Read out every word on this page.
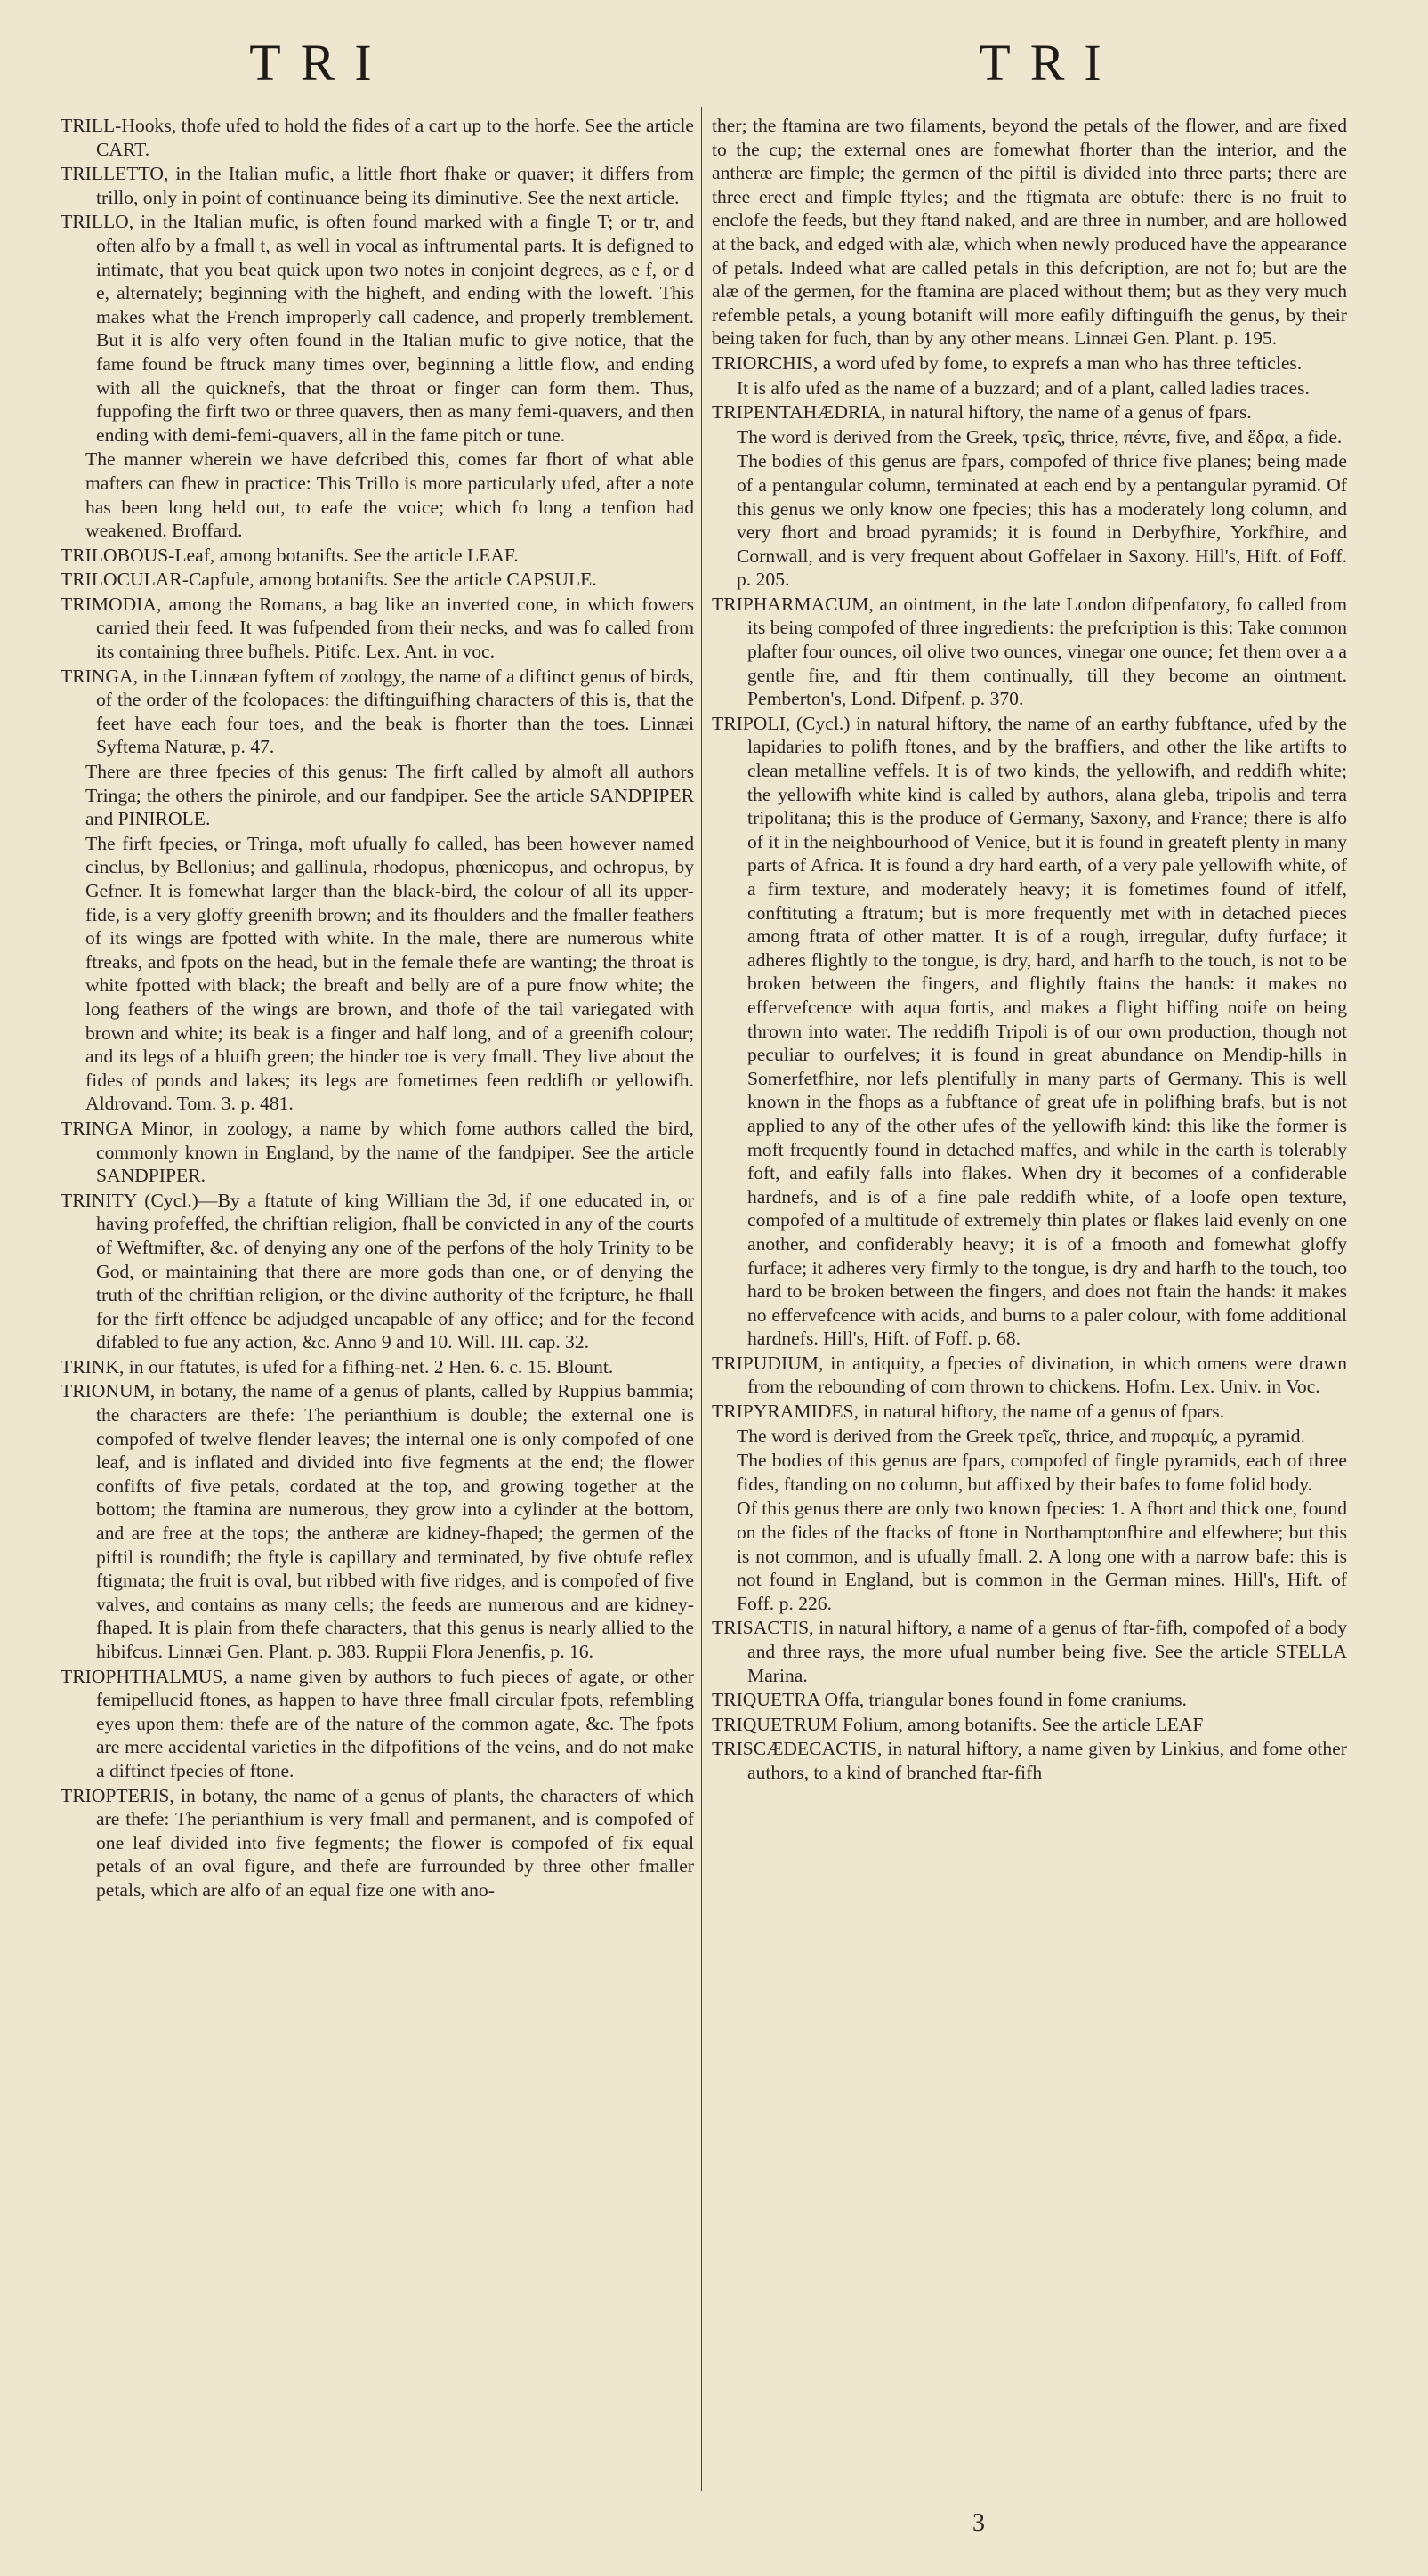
TRI	TRI

TRILL-Hooks, thofe ufed to hold the fides of a cart up to the horfe. See the article CART.

TRILLETTO, in the Italian mufic, a little fhort fhake or quaver; it differs from trillo, only in point of continuance being its diminutive. See the next article.

TRILLO, in the Italian mufic, is often found marked with a fingle T; or tr, and often alfo by a fmall t, as well in vocal as inftrumental parts. It is defigned to intimate, that you beat quick upon two notes in conjoint degrees, as e f, or d e, alternately; beginning with the higheft, and ending with the loweft. This makes what the French improperly call cadence, and properly tremblement. But it is alfo very often found in the Italian mufic to give notice, that the fame found be ftruck many times over, beginning a little flow, and ending with all the quicknefs, that the throat or finger can form them. Thus, fuppofing the firft two or three quavers, then as many femi-quavers, and then ending with demi-femi-quavers, all in the fame pitch or tune.

The manner wherein we have defcribed this, comes far fhort of what able mafters can fhew in practice: This Trillo is more particularly ufed, after a note has been long held out, to eafe the voice; which fo long a tenfion had weakened. Broffard.

TRILOBOUS-Leaf, among botanifts. See the article LEAF.

TRILOCULAR-Capfule, among botanifts. See the article CAPSULE.

TRIMODIA, among the Romans, a bag like an inverted cone, in which fowers carried their feed. It was fufpended from their necks, and was fo called from its containing three bufhels. Pitifc. Lex. Ant. in voc.

TRINGA, in the Linnæan fyftem of zoology, the name of a diftinct genus of birds, of the order of the fcolopaces: the diftinguifhing characters of this is, that the feet have each four toes, and the beak is fhorter than the toes. Linnæi Syftema Naturæ, p. 47.

There are three fpecies of this genus: The firft called by almoft all authors Tringa; the others the pinirole, and our fandpiper. See the article SANDPIPER and PINIROLE.

The firft fpecies, or Tringa, moft ufually fo called, has been however named cinclus, by Bellonius; and gallinula, rhodopus, phœnicopus, and ochropus, by Gefner. It is fomewhat larger than the black-bird, the colour of all its upper-fide, is a very gloffy greenifh brown; and its fhoulders and the fmaller feathers of its wings are fpotted with white. In the male, there are numerous white ftreaks, and fpots on the head, but in the female thefe are wanting; the throat is white fpotted with black; the breaft and belly are of a pure fnow white; the long feathers of the wings are brown, and thofe of the tail variegated with brown and white; its beak is a finger and half long, and of a greenifh colour; and its legs of a bluifh green; the hinder toe is very fmall. They live about the fides of ponds and lakes; its legs are fometimes feen reddifh or yellowifh. Aldrovand. Tom. 3. p. 481.

TRINGA Minor, in zoology, a name by which fome authors called the bird, commonly known in England, by the name of the fandpiper. See the article SANDPIPER.

TRINITY (Cycl.)—By a ftatute of king William the 3d, if one educated in, or having profeffed, the chriftian religion, fhall be convicted in any of the courts of Weftmifter, &c. of denying any one of the perfons of the holy Trinity to be God, or maintaining that there are more gods than one, or of denying the truth of the chriftian religion, or the divine authority of the fcripture, he fhall for the firft offence be adjudged uncapable of any office; and for the fecond difabled to fue any action, &c. Anno 9 and 10. Will. III. cap. 32.

TRINK, in our ftatutes, is ufed for a fifhing-net. 2 Hen. 6. c. 15. Blount.

TRIONUM, in botany, the name of a genus of plants, called by Ruppius bammia; the characters are thefe: The perianthium is double; the external one is compofed of twelve flender leaves; the internal one is only compofed of one leaf, and is inflated and divided into five fegments at the end; the flower confifts of five petals, cordated at the top, and growing together at the bottom; the ftamina are numerous, they grow into a cylinder at the bottom, and are free at the tops; the antheræ are kidney-fhaped; the germen of the piftil is roundifh; the ftyle is capillary and terminated, by five obtufe reflex ftigmata; the fruit is oval, but ribbed with five ridges, and is compofed of five valves, and contains as many cells; the feeds are numerous and are kidney-fhaped. It is plain from thefe characters, that this genus is nearly allied to the hibifcus. Linnæi Gen. Plant. p. 383. Ruppii Flora Jenenfis, p. 16.

TRIOPHTHALMUS, a name given by authors to fuch pieces of agate, or other femipellucid ftones, as happen to have three fmall circular fpots, refembling eyes upon them: thefe are of the nature of the common agate, &c. The fpots are mere accidental varieties in the difpofitions of the veins, and do not make a diftinct fpecies of ftone.

TRIOPTERIS, in botany, the name of a genus of plants, the characters of which are thefe: The perianthium is very fmall and permanent, and is compofed of one leaf divided into five fegments; the flower is compofed of fix equal petals of an oval figure, and thefe are furrounded by three other fmaller petals, which are alfo of an equal fize one with ano-

ther; the ftamina are two filaments, beyond the petals of the flower, and are fixed to the cup; the external ones are fomewhat fhorter than the interior, and the antheræ are fimple; the germen of the piftil is divided into three parts; there are three erect and fimple ftyles; and the ftigmata are obtufe: there is no fruit to enclofe the feeds, but they ftand naked, and are three in number, and are hollowed at the back, and edged with alæ, which when newly produced have the appearance of petals. Indeed what are called petals in this defcription, are not fo; but are the alæ of the germen, for the ftamina are placed without them; but as they very much refemble petals, a young botanift will more eafily diftinguifh the genus, by their being taken for fuch, than by any other means. Linnæi Gen. Plant. p. 195.

TRIORCHIS, a word ufed by fome, to exprefs a man who has three tefticles.

It is alfo ufed as the name of a buzzard; and of a plant, called ladies traces.

TRIPENTAHÆDRIA, in natural hiftory, the name of a genus of fpars.

The word is derived from the Greek, τρεῖς, thrice, πέντε, five, and ἕδρα, a fide.

The bodies of this genus are fpars, compofed of thrice five planes; being made of a pentangular column, terminated at each end by a pentangular pyramid. Of this genus we only know one fpecies; this has a moderately long column, and very fhort and broad pyramids; it is found in Derbyfhire, Yorkfhire, and Cornwall, and is very frequent about Goffelaer in Saxony. Hill's, Hift. of Foff. p. 205.

TRIPHARMACUM, an ointment, in the late London difpenfatory, fo called from its being compofed of three ingredients: the prefcription is this: Take common plafter four ounces, oil olive two ounces, vinegar one ounce; fet them over a a gentle fire, and ftir them continually, till they become an ointment. Pemberton's, Lond. Difpenf. p. 370.

TRIPOLI, (Cycl.) in natural hiftory, the name of an earthy fubftance, ufed by the lapidaries to polifh ftones, and by the braffiers, and other the like artifts to clean metalline veffels. It is of two kinds, the yellowifh, and reddifh white; the yellowifh white kind is called by authors, alana gleba, tripolis and terra tripolitana; this is the produce of Germany, Saxony, and France; there is alfo of it in the neighbourhood of Venice, but it is found in greateft plenty in many parts of Africa. It is found a dry hard earth, of a very pale yellowifh white, of a firm texture, and moderately heavy; it is fometimes found of itfelf, conftituting a ftratum; but is more frequently met with in detached pieces among ftrata of other matter. It is of a rough, irregular, dufty furface; it adheres flightly to the tongue, is dry, hard, and harfh to the touch, is not to be broken between the fingers, and flightly ftains the hands: it makes no effervefcence with aqua fortis, and makes a flight hiffing noife on being thrown into water. The reddifh Tripoli is of our own production, though not peculiar to ourfelves; it is found in great abundance on Mendip-hills in Somerfetfhire, nor lefs plentifully in many parts of Germany. This is well known in the fhops as a fubftance of great ufe in polifhing brafs, but is not applied to any of the other ufes of the yellowifh kind: this like the former is moft frequently found in detached maffes, and while in the earth is tolerably foft, and eafily falls into flakes. When dry it becomes of a confiderable hardnefs, and is of a fine pale reddifh white, of a loofe open texture, compofed of a multitude of extremely thin plates or flakes laid evenly on one another, and confiderably heavy; it is of a fmooth and fomewhat gloffy furface; it adheres very firmly to the tongue, is dry and harfh to the touch, too hard to be broken between the fingers, and does not ftain the hands: it makes no effervefcence with acids, and burns to a paler colour, with fome additional hardnefs. Hill's, Hift. of Foff. p. 68.

TRIPUDIUM, in antiquity, a fpecies of divination, in which omens were drawn from the rebounding of corn thrown to chickens. Hofm. Lex. Univ. in Voc.

TRIPYRAMIDES, in natural hiftory, the name of a genus of fpars.

The word is derived from the Greek τρεῖς, thrice, and πυραμίς, a pyramid.

The bodies of this genus are fpars, compofed of fingle pyramids, each of three fides, ftanding on no column, but affixed by their bafes to fome folid body.

Of this genus there are only two known fpecies: 1. A fhort and thick one, found on the fides of the ftacks of ftone in Northamptonfhire and elfewhere; but this is not common, and is ufually fmall. 2. A long one with a narrow bafe: this is not found in England, but is common in the German mines. Hill's, Hift. of Foff. p. 226.

TRISACTIS, in natural hiftory, a name of a genus of ftar-fifh, compofed of a body and three rays, the more ufual number being five. See the article STELLA Marina.

TRIQUETRA Offa, triangular bones found in fome craniums.

TRIQUETRUM Folium, among botanifts. See the article LEAF

TRISCÆDECACTIS, in natural hiftory, a name given by Linkius, and fome other authors, to a kind of branched ftar-fifh

3
